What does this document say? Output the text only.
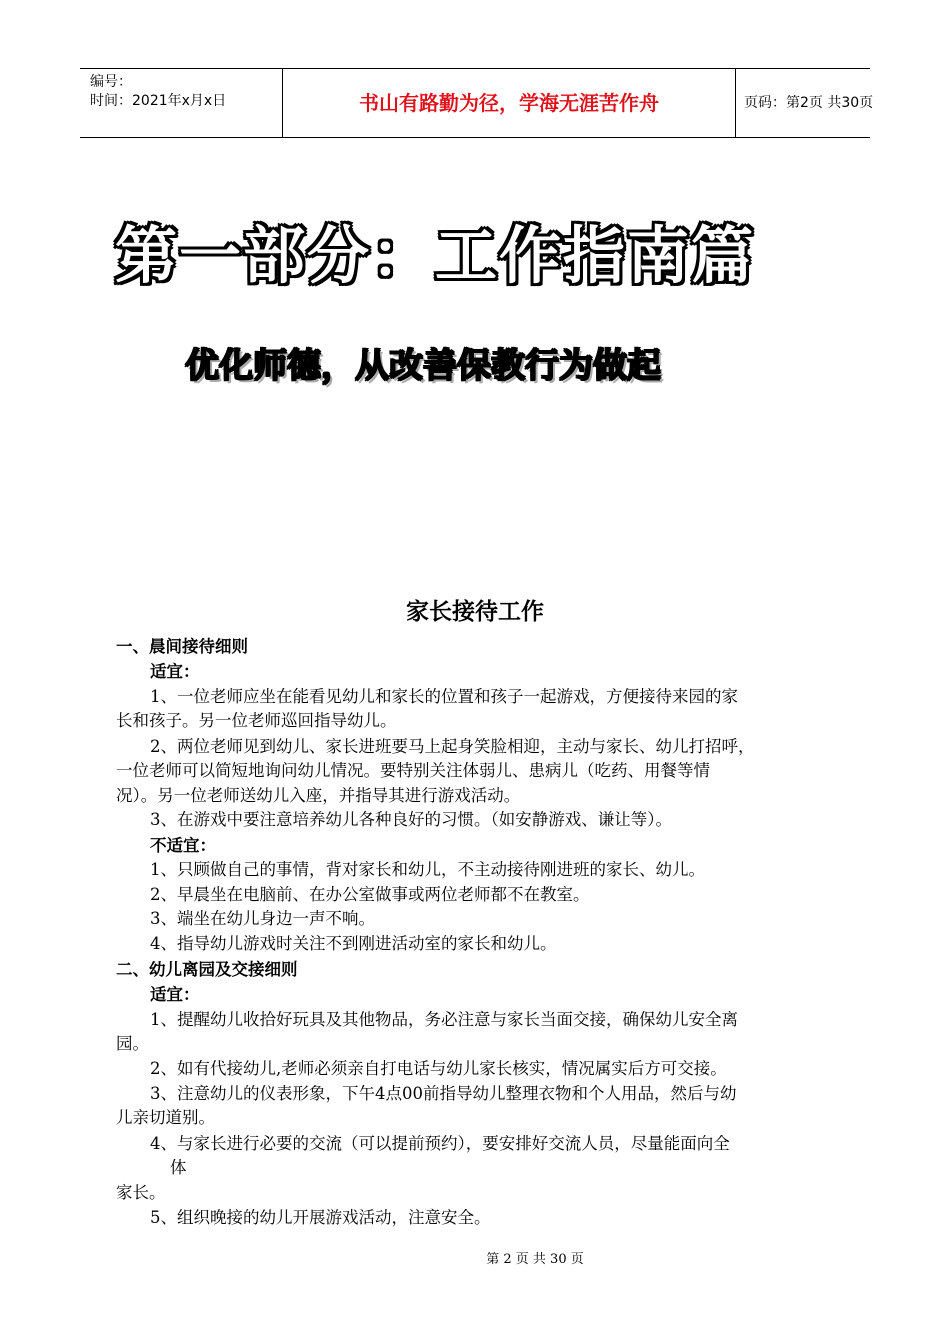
编号：
时间：2021年x月x日	书山有路勤为径，学海无涯苦作舟	页码：第2页 共30页
第一部分：工作指南篇
优化师德，从改善保教行为做起
家长接待工作
一、晨间接待细则
适宜：
1、一位老师应坐在能看见幼儿和家长的位置和孩子一起游戏，方便接待来园的家
长和孩子。另一位老师巡回指导幼儿。
2、两位老师见到幼儿、家长进班要马上起身笑脸相迎，主动与家长、幼儿打招呼，
一位老师可以简短地询问幼儿情况。要特别关注体弱儿、患病儿（吃药、用餐等情
况）。另一位老师送幼儿入座，并指导其进行游戏活动。
3、在游戏中要注意培养幼儿各种良好的习惯。（如安静游戏、谦让等）。
不适宜：
1、只顾做自己的事情，背对家长和幼儿，不主动接待刚进班的家长、幼儿。
2、早晨坐在电脑前、在办公室做事或两位老师都不在教室。
3、端坐在幼儿身边一声不响。
4、指导幼儿游戏时关注不到刚进活动室的家长和幼儿。
二、幼儿离园及交接细则
适宜：
1、提醒幼儿收拾好玩具及其他物品，务必注意与家长当面交接，确保幼儿安全离
园。
2、如有代接幼儿,老师必须亲自打电话与幼儿家长核实，情况属实后方可交接。
3、注意幼儿的仪表形象，下午4点00前指导幼儿整理衣物和个人用品，然后与幼
儿亲切道别。
4、与家长进行必要的交流（可以提前预约），要安排好交流人员，尽量能面向全
体
家长。
5、组织晚接的幼儿开展游戏活动，注意安全。
第 2 页 共 30 页
